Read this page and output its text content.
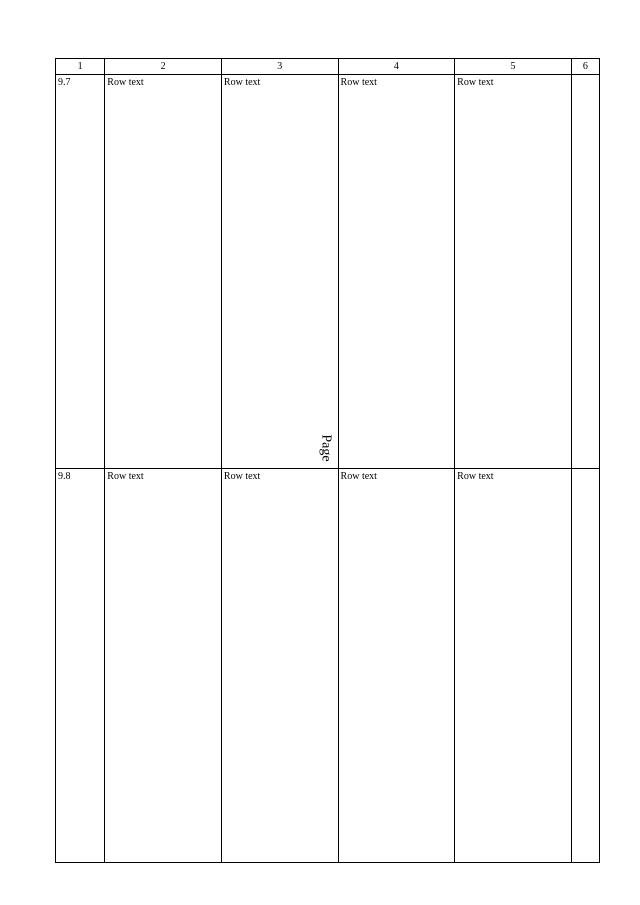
Page
1	2	3	4	5	6
9.7	Row text	Row text	Row text	Row text	
9.8	Row text	Row text	Row text	Row text	
